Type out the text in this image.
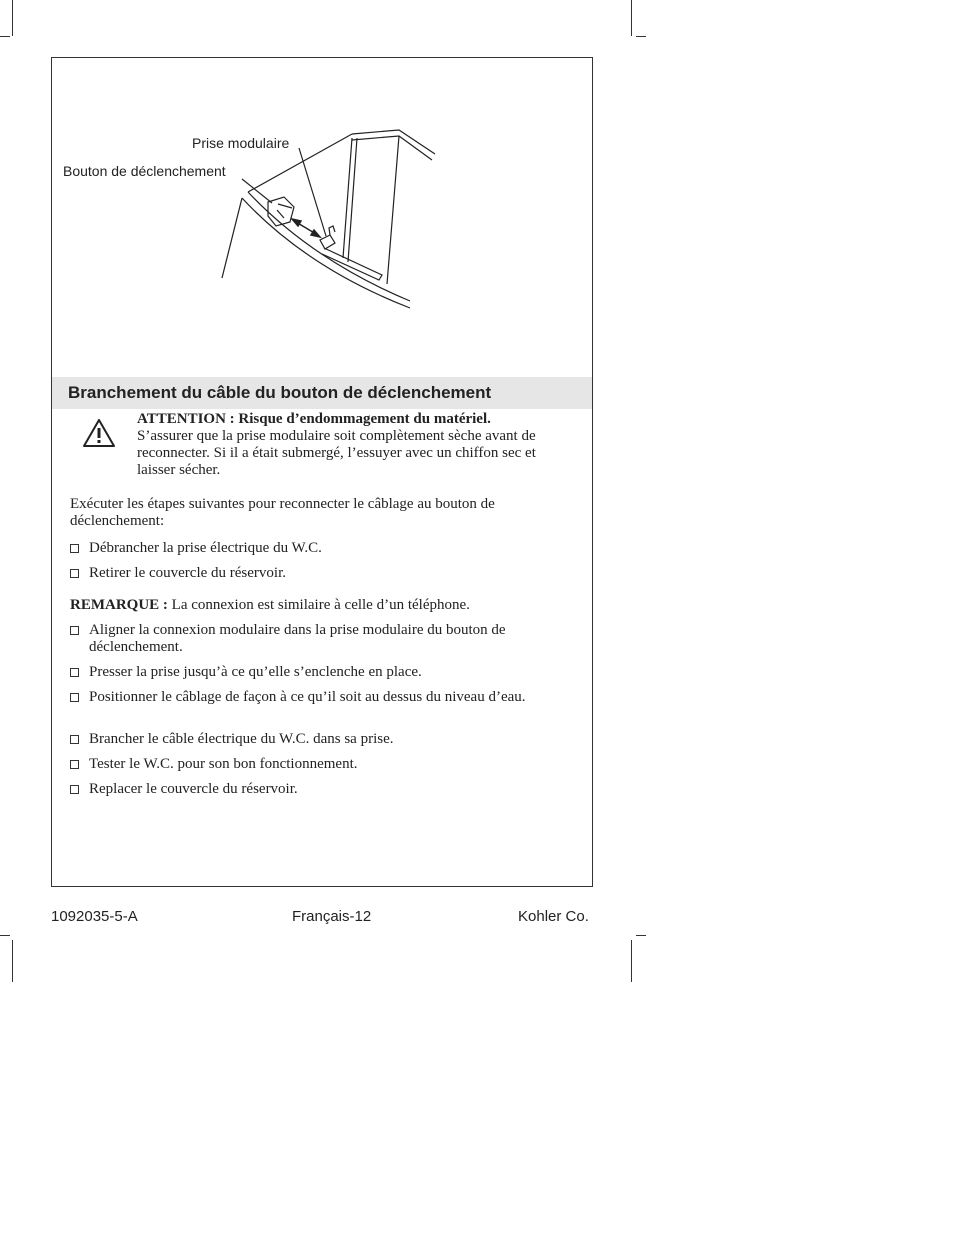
Prise modulaire
Bouton de déclenchement
Branchement du câble du bouton de déclenchement

ATTENTION : Risque d’endommagement du matériel.
S’assurer que la prise modulaire soit complètement sèche avant de reconnecter. Si il a était submergé, l’essuyer avec un chiffon sec et laisser sécher.

Exécuter les étapes suivantes pour reconnecter le câblage au bouton de déclenchement:

Débrancher la prise électrique du W.C.
Retirer le couvercle du réservoir.

REMARQUE : La connexion est similaire à celle d’un téléphone.

Aligner la connexion modulaire dans la prise modulaire du bouton de déclenchement.
Presser la prise jusqu’à ce qu’elle s’enclenche en place.
Positionner le câblage de façon à ce qu’il soit au dessus du niveau d’eau.
Brancher le câble électrique du W.C. dans sa prise.
Tester le W.C. pour son bon fonctionnement.
Replacer le couvercle du réservoir.
1092035-5-A	Français-12	Kohler Co.
